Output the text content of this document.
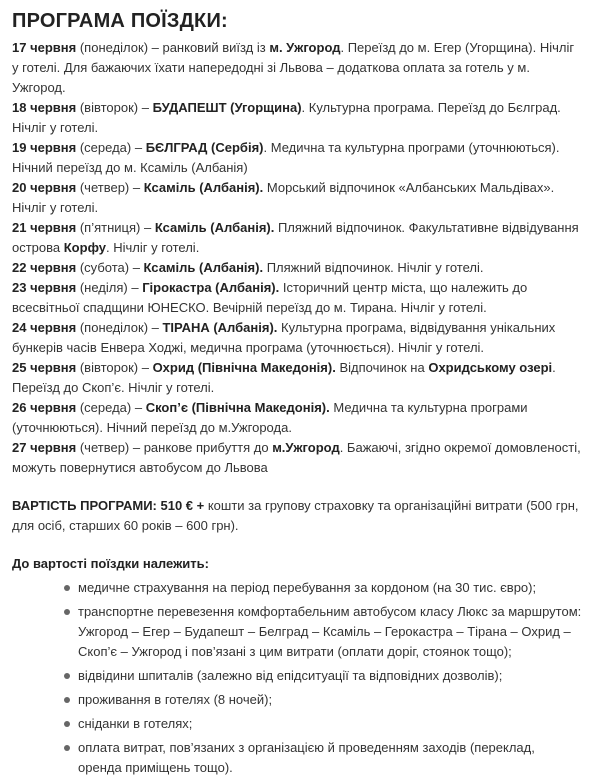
ПРОГРАМА ПОЇЗДКИ:

17 червня (понеділок) – ранковий виїзд із м. Ужгород. Переїзд до м. Егер (Угорщина). Нічліг у готелі. Для бажаючих їхати напередодні зі Львова – додаткова оплата за готель у м. Ужгород.

18 червня (вівторок) – БУДАПЕШТ (Угорщина). Культурна програма. Переїзд до Бєлград. Нічліг у готелі.

19 червня (середа) – БЄЛГРАД (Сербія). Медична та культурна програми (уточнюються). Нічний переїзд до м. Ксаміль (Албанія)

20 червня (четвер) – Ксаміль (Албанія). Морський відпочинок «Албанських Мальдівах». Нічліг у готелі.

21 червня (п’ятниця) – Ксаміль (Албанія). Пляжний відпочинок. Факультативне відвідування острова Корфу. Нічліг у готелі.

22 червня (субота) – Ксаміль (Албанія). Пляжний відпочинок. Нічліг у готелі.

23 червня (неділя) – Гірокастра (Албанія). Історичний центр міста, що належить до всесвітньої спадщини ЮНЕСКО. Вечірній переїзд до м. Тирана. Нічліг у готелі.

24 червня (понеділок) – ТІРАНА (Албанія). Культурна програма, відвідування унікальних бункерів часів Енвера Ходжі, медична програма (уточнюється). Нічліг у готелі.

25 червня (вівторок) – Охрид (Північна Македонія). Відпочинок на Охридському озері. Переїзд до Скоп’є. Нічліг у готелі.

26 червня (середа) – Скоп’є (Північна Македонія). Медична та культурна програми (уточнюються). Нічний переїзд до м.Ужгорода.

27 червня (четвер) – ранкове прибуття до м.Ужгород. Бажаючі, згідно окремої домовленості, можуть повернутися автобусом до Львова

ВАРТІСТЬ ПРОГРАМИ: 510 € + кошти за групову страховку та організаційні витрати (500 грн, для осіб, старших 60 років – 600 грн).

До вартості поїздки належить:

медичне страхування на період перебування за кордоном (на 30 тис. євро);
транспортне перевезення комфортабельним автобусом класу Люкс за маршрутом: Ужгород – Егер – Будапешт – Белград – Ксаміль – Герокастра – Тірана – Охрид – Скоп’є – Ужгород і пов’язані з цим витрати (оплати доріг, стоянок тощо);
відвідини шпиталів (залежно від епідситуації та відповідних дозволів);
проживання в готелях (8 ночей);
сніданки в готелях;
оплата витрат, пов’язаних з організацією й проведенням заходів (переклад, оренда приміщень тощо).
